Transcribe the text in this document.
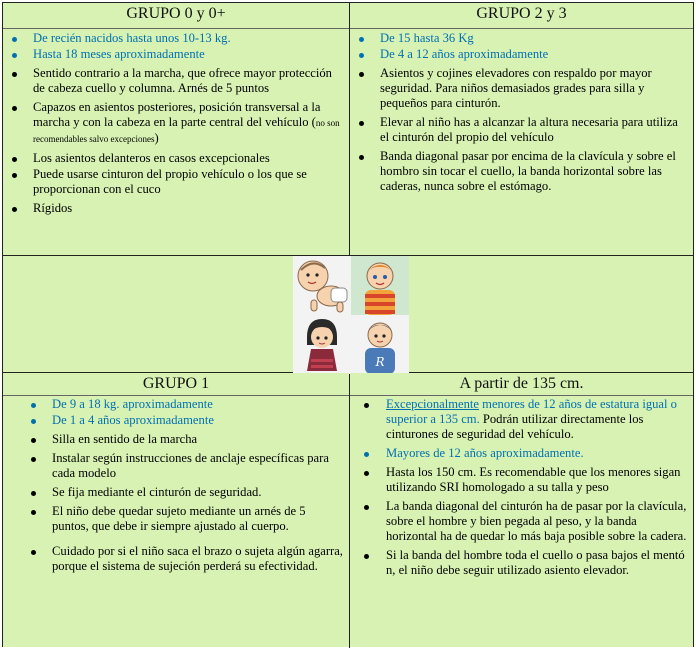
GRUPO 0 y 0+
De recién nacidos hasta unos 10-13 kg.
Hasta 18 meses aproximadamente
Sentido contrario a la marcha, que ofrece mayor protección de cabeza cuello y columna. Arnés de 5 puntos
Capazos en asientos posteriores, posición transversal a la marcha y con la cabeza en la parte central del vehículo (no son recomendables salvo excepciones)
Los asientos delanteros en casos excepcionales
Puede usarse cinturon del propio vehículo o los que se proporcionan con el cuco
Rígidos
GRUPO 2 y 3
De 15 hasta 36 Kg
De 4 a 12 años aproximadamente
Asientos y cojines elevadores con respaldo por mayor seguridad. Para niños demasiados grades para silla y pequeños para cinturón.
Elevar al niño has a alcanzar la altura necesaria para utiliza el cinturón del propio del vehículo
Banda diagonal pasar por encima de la clavícula y sobre el hombro sin tocar el cuello, la banda horizontal sobre las caderas, nunca sobre el estómago.
R
GRUPO 1
De 9 a 18 kg. aproximadamente
De 1 a 4 años aproximadamente
Silla en sentido de la marcha
Instalar según instrucciones de anclaje específicas para cada modelo
Se fija mediante el cinturón de seguridad.
El niño debe quedar sujeto mediante un arnés de 5 puntos, que debe ir siempre ajustado al cuerpo.
Cuidado por si el niño saca el brazo o sujeta algún agarra, porque el sistema de sujeción perderá su efectividad.
A partir de 135 cm.
Excepcionalmente menores de 12 años de estatura igual o superior a 135 cm. Podrán utilizar directamente los cinturones de seguridad del vehículo.
Mayores de 12 años aproximadamente.
Hasta los 150 cm. Es recomendable que los menores sigan utilizando SRI homologado a su talla y peso
La banda diagonal del cinturón ha de pasar por la clavícula, sobre el hombre y bien pegada al peso, y la banda horizontal ha de quedar lo más baja posible sobre la cadera.
Si la banda del hombre toda el cuello o pasa bajos el mentó n, el niño debe seguir utilizado asiento elevador.
